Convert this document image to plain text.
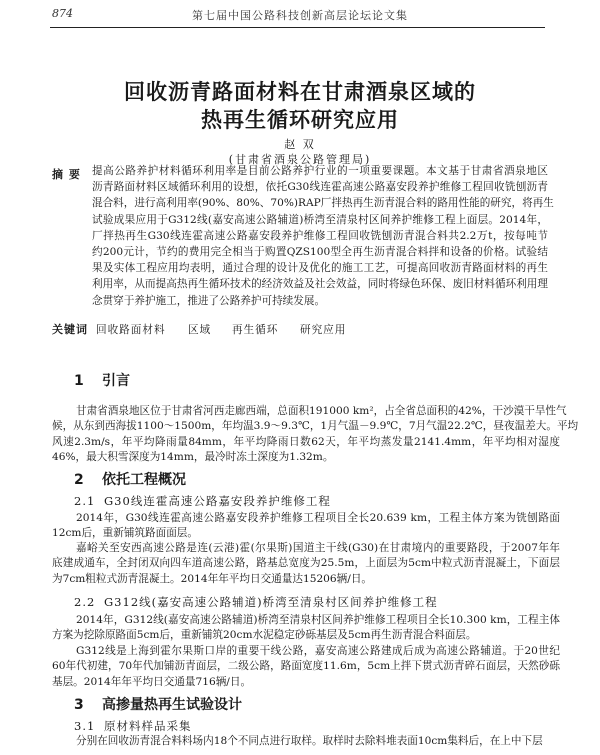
874	第七届中国公路科技创新高层论坛论文集
回收沥青路面材料在甘肃酒泉区域的
热再生循环研究应用
赵 双
(甘肃省酒泉公路管理局)
摘 要 提高公路养护材料循环利用率是目前公路养护行业的一项重要课题。本文基于甘肃省酒泉地区
沥青路面材料区域循环利用的设想，依托G30线连霍高速公路嘉安段养护维修工程回收铣刨沥青
混合料，进行高利用率(90%、80%、70%)RAP厂拌热再生沥青混合料的路用性能的研究，将再生
试验成果应用于G312线(嘉安高速公路辅道)桥湾至清泉村区间养护维修工程上面层。2014年，
厂拌热再生G30线连霍高速公路嘉安段养护维修工程回收铣刨沥青混合料共2.2万t，按每吨节
约200元计，节约的费用完全相当于购置QZS100型全再生沥青混合料拌和设备的价格。试验结
果及实体工程应用均表明，通过合理的设计及优化的施工工艺，可提高回收沥青路面材料的再生
利用率，从而提高热再生循环技术的经济效益及社会效益，同时将绿色环保、废旧材料循环利用理
念贯穿于养护施工，推进了公路养护可持续发展。
关键词 回收路面材料 区域 再生循环 研究应用
1 引言
甘肃省酒泉地区位于甘肃省河西走廊西端，总面积191000 km²，占全省总面积的42%，干沙漠干旱性气
候，从东到西海拔1100～1500m，年均温3.9～9.3℃，1月气温－9.9℃，7月气温22.2℃，昼夜温差大。平均
风速2.3m/s，年平均降雨量84mm，年平均降雨日数62天，年平均蒸发量2141.4mm，年平均相对湿度
46%，最大积雪深度为14mm，最冷时冻土深度为1.32m。
2 依托工程概况
2.1 G30线连霍高速公路嘉安段养护维修工程
2014年，G30线连霍高速公路嘉安段养护维修工程项目全长20.639 km，工程主体方案为铣刨路面
12cm后，重新铺筑路面面层。
嘉峪关至安西高速公路是连(云港)霍(尔果斯)国道主干线(G30)在甘肃境内的重要路段，于2007年年
底建成通车，全封闭双向四车道高速公路，路基总宽度为25.5m，上面层为5cm中粒式沥青混凝土，下面层
为7cm粗粒式沥青混凝土。2014年年平均日交通量达15206辆/日。
2.2 G312线(嘉安高速公路辅道)桥湾至清泉村区间养护维修工程
2014年，G312线(嘉安高速公路辅道)桥湾至清泉村区间养护维修工程项目全长10.300 km，工程主体
方案为挖除原路面5cm后，重新铺筑20cm水泥稳定砂砾基层及5cm再生沥青混合料面层。
G312线是上海到霍尔果斯口岸的重要干线公路，嘉安高速公路建成后成为高速公路辅道。于20世纪
60年代初建，70年代加铺沥青面层，二级公路，路面宽度11.6m，5cm上拌下贯式沥青碎石面层，天然砂砾
基层。2014年年平均日交通量716辆/日。
3 高掺量热再生试验设计
3.1 原材料样品采集
分别在回收沥青混合料料场内18个不同点进行取样。取样时去除料堆表面10cm集料后，在上中下层
